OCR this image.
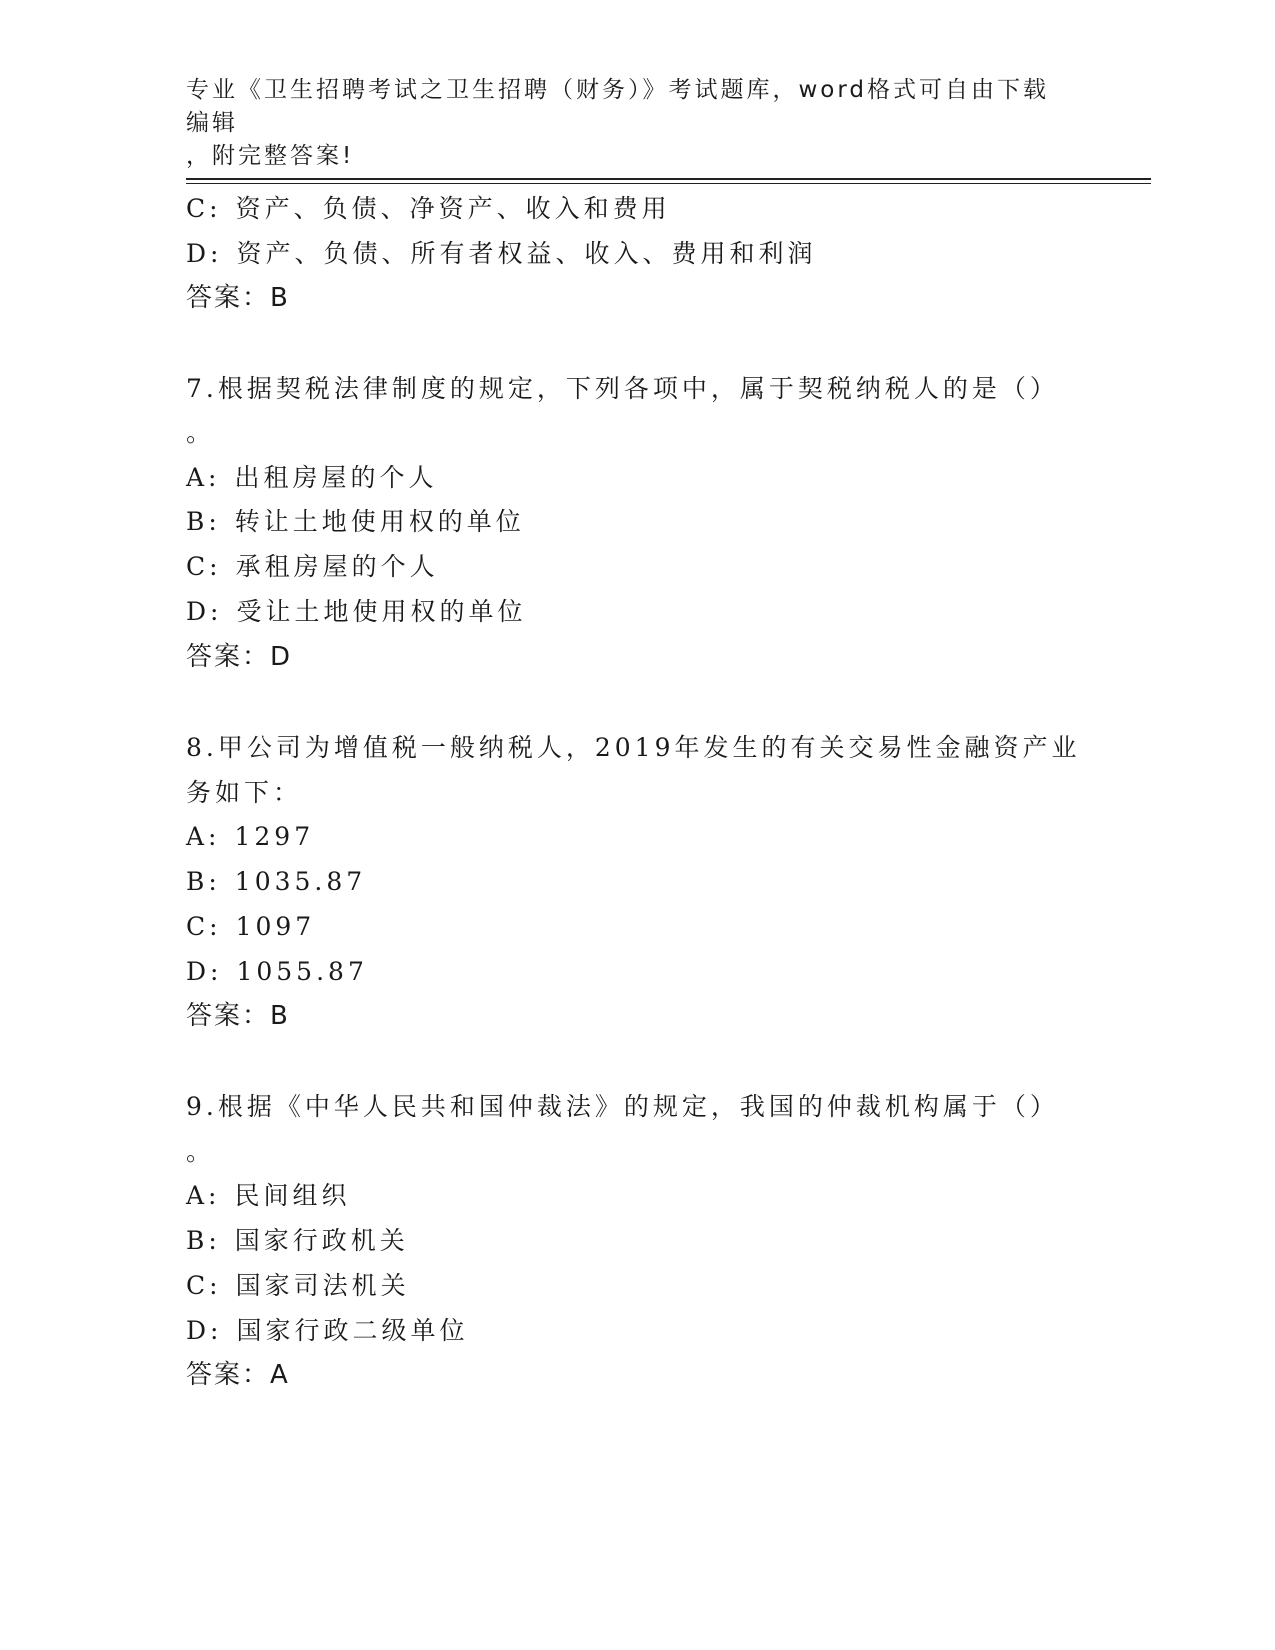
专业《卫生招聘考试之卫生招聘（财务）》考试题库，word格式可自由下载编辑
，附完整答案!
C: 资产、负债、净资产、收入和费用
D: 资产、负债、所有者权益、收入、费用和利润
答案：B
7.根据契税法律制度的规定，下列各项中，属于契税纳税人的是（）
。
A: 出租房屋的个人
B: 转让土地使用权的单位
C: 承租房屋的个人
D: 受让土地使用权的单位
答案：D
8.甲公司为增值税一般纳税人，2019年发生的有关交易性金融资产业
务如下：
A: 1297
B: 1035.87
C: 1097
D: 1055.87
答案：B
9.根据《中华人民共和国仲裁法》的规定，我国的仲裁机构属于（）
。
A: 民间组织
B: 国家行政机关
C: 国家司法机关
D: 国家行政二级单位
答案：A
